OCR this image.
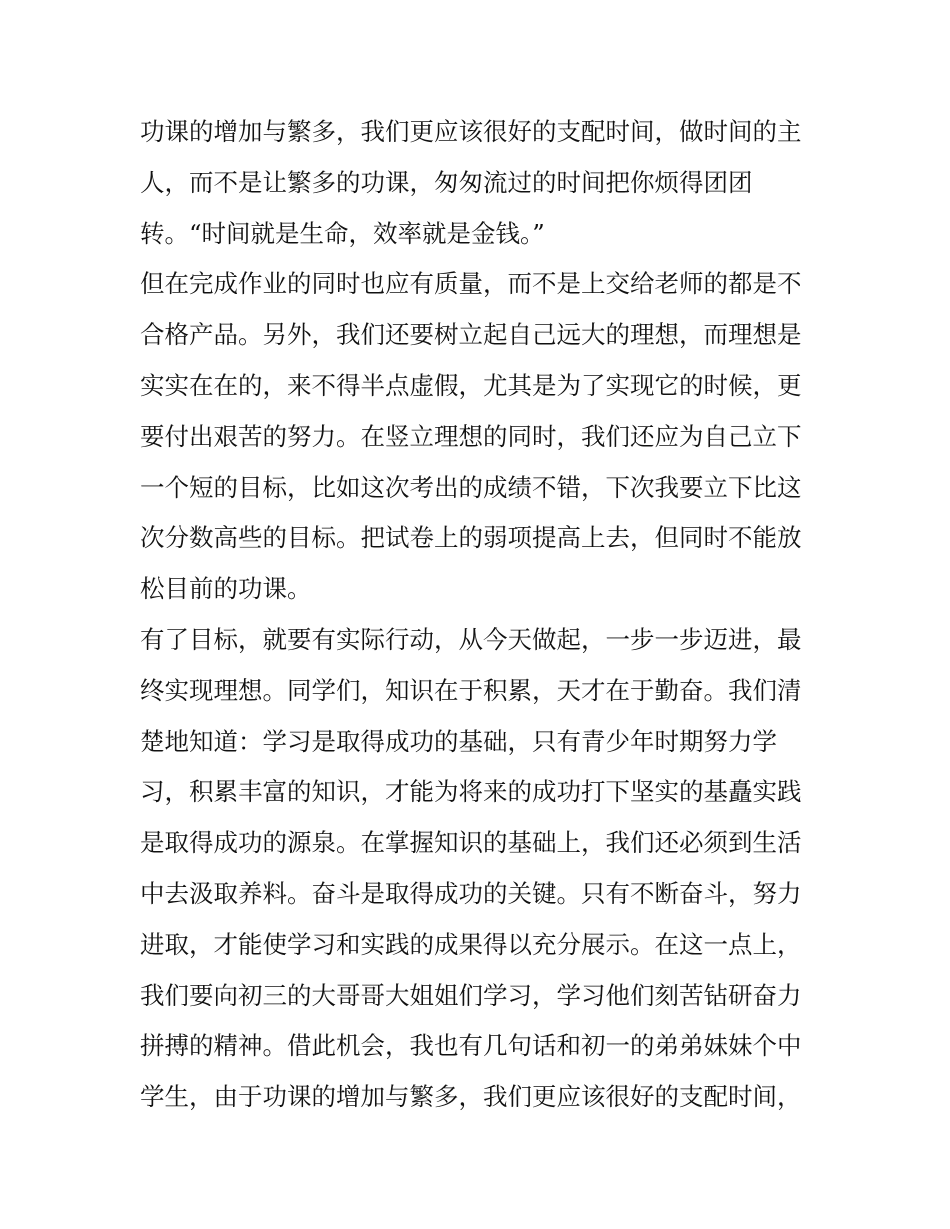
功课的增加与繁多，我们更应该很好的支配时间，做时间的主
人，而不是让繁多的功课，匆匆流过的时间把你烦得团团
转。“时间就是生命，效率就是金钱。”
但在完成作业的同时也应有质量，而不是上交给老师的都是不
合格产品。另外，我们还要树立起自己远大的理想，而理想是
实实在在的，来不得半点虚假，尤其是为了实现它的时候，更
要付出艰苦的努力。在竖立理想的同时，我们还应为自己立下
一个短的目标，比如这次考出的成绩不错，下次我要立下比这
次分数高些的目标。把试卷上的弱项提高上去，但同时不能放
松目前的功课。
有了目标，就要有实际行动，从今天做起，一步一步迈进，最
终实现理想。同学们，知识在于积累，天才在于勤奋。我们清
楚地知道：学习是取得成功的基础，只有青少年时期努力学
习，积累丰富的知识，才能为将来的成功打下坚实的基矗实践
是取得成功的源泉。在掌握知识的基础上，我们还必须到生活
中去汲取养料。奋斗是取得成功的关键。只有不断奋斗，努力
进取，才能使学习和实践的成果得以充分展示。在这一点上，
我们要向初三的大哥哥大姐姐们学习，学习他们刻苦钻研奋力
拼搏的精神。借此机会，我也有几句话和初一的弟弟妹妹个中
学生，由于功课的增加与繁多，我们更应该很好的支配时间，
